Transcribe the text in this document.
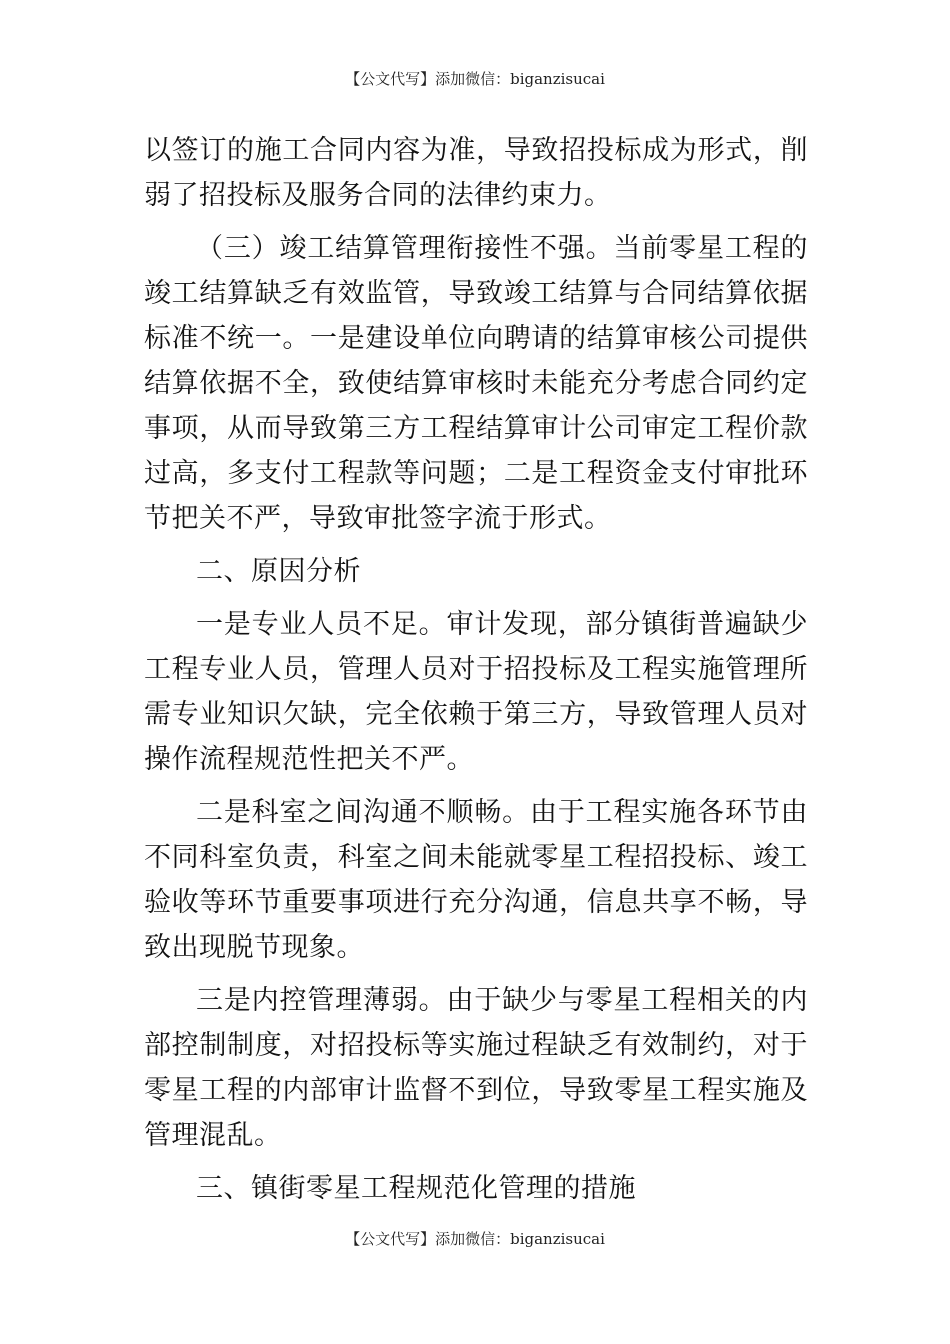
【公文代写】添加微信：biganzisucai

以签订的施工合同内容为准，导致招投标成为形式，削弱了招投标及服务合同的法律约束力。

（三）竣工结算管理衔接性不强。当前零星工程的竣工结算缺乏有效监管，导致竣工结算与合同结算依据标准不统一。一是建设单位向聘请的结算审核公司提供结算依据不全，致使结算审核时未能充分考虑合同约定事项，从而导致第三方工程结算审计公司审定工程价款过高，多支付工程款等问题；二是工程资金支付审批环节把关不严，导致审批签字流于形式。

二、原因分析

一是专业人员不足。审计发现，部分镇街普遍缺少工程专业人员，管理人员对于招投标及工程实施管理所需专业知识欠缺，完全依赖于第三方，导致管理人员对操作流程规范性把关不严。

二是科室之间沟通不顺畅。由于工程实施各环节由不同科室负责，科室之间未能就零星工程招投标、竣工验收等环节重要事项进行充分沟通，信息共享不畅，导致出现脱节现象。

三是内控管理薄弱。由于缺少与零星工程相关的内部控制制度，对招投标等实施过程缺乏有效制约，对于零星工程的内部审计监督不到位，导致零星工程实施及管理混乱。

三、镇街零星工程规范化管理的措施

【公文代写】添加微信：biganzisucai
